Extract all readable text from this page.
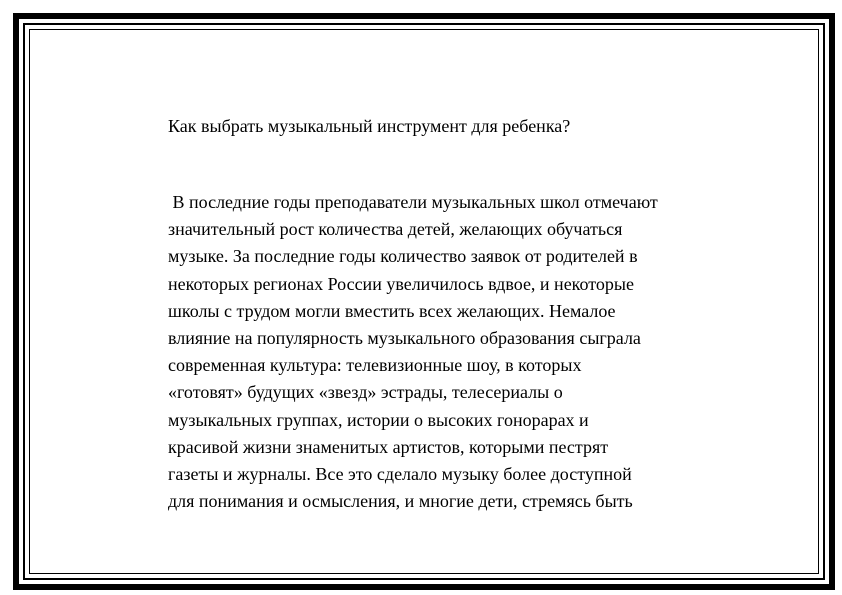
Как выбрать музыкальный инструмент для ребенка?
В последние годы преподаватели музыкальных школ отмечают
значительный рост количества детей, желающих обучаться
музыке. За последние годы количество заявок от родителей в
некоторых регионах России увеличилось вдвое, и некоторые
школы с трудом могли вместить всех желающих. Немалое
влияние на популярность музыкального образования сыграла
современная культура: телевизионные шоу, в которых
«готовят» будущих «звезд» эстрады, телесериалы о
музыкальных группах, истории о высоких гонорарах и
красивой жизни знаменитых артистов, которыми пестрят
газеты и журналы. Все это сделало музыку более доступной
для понимания и осмысления, и многие дети, стремясь быть
